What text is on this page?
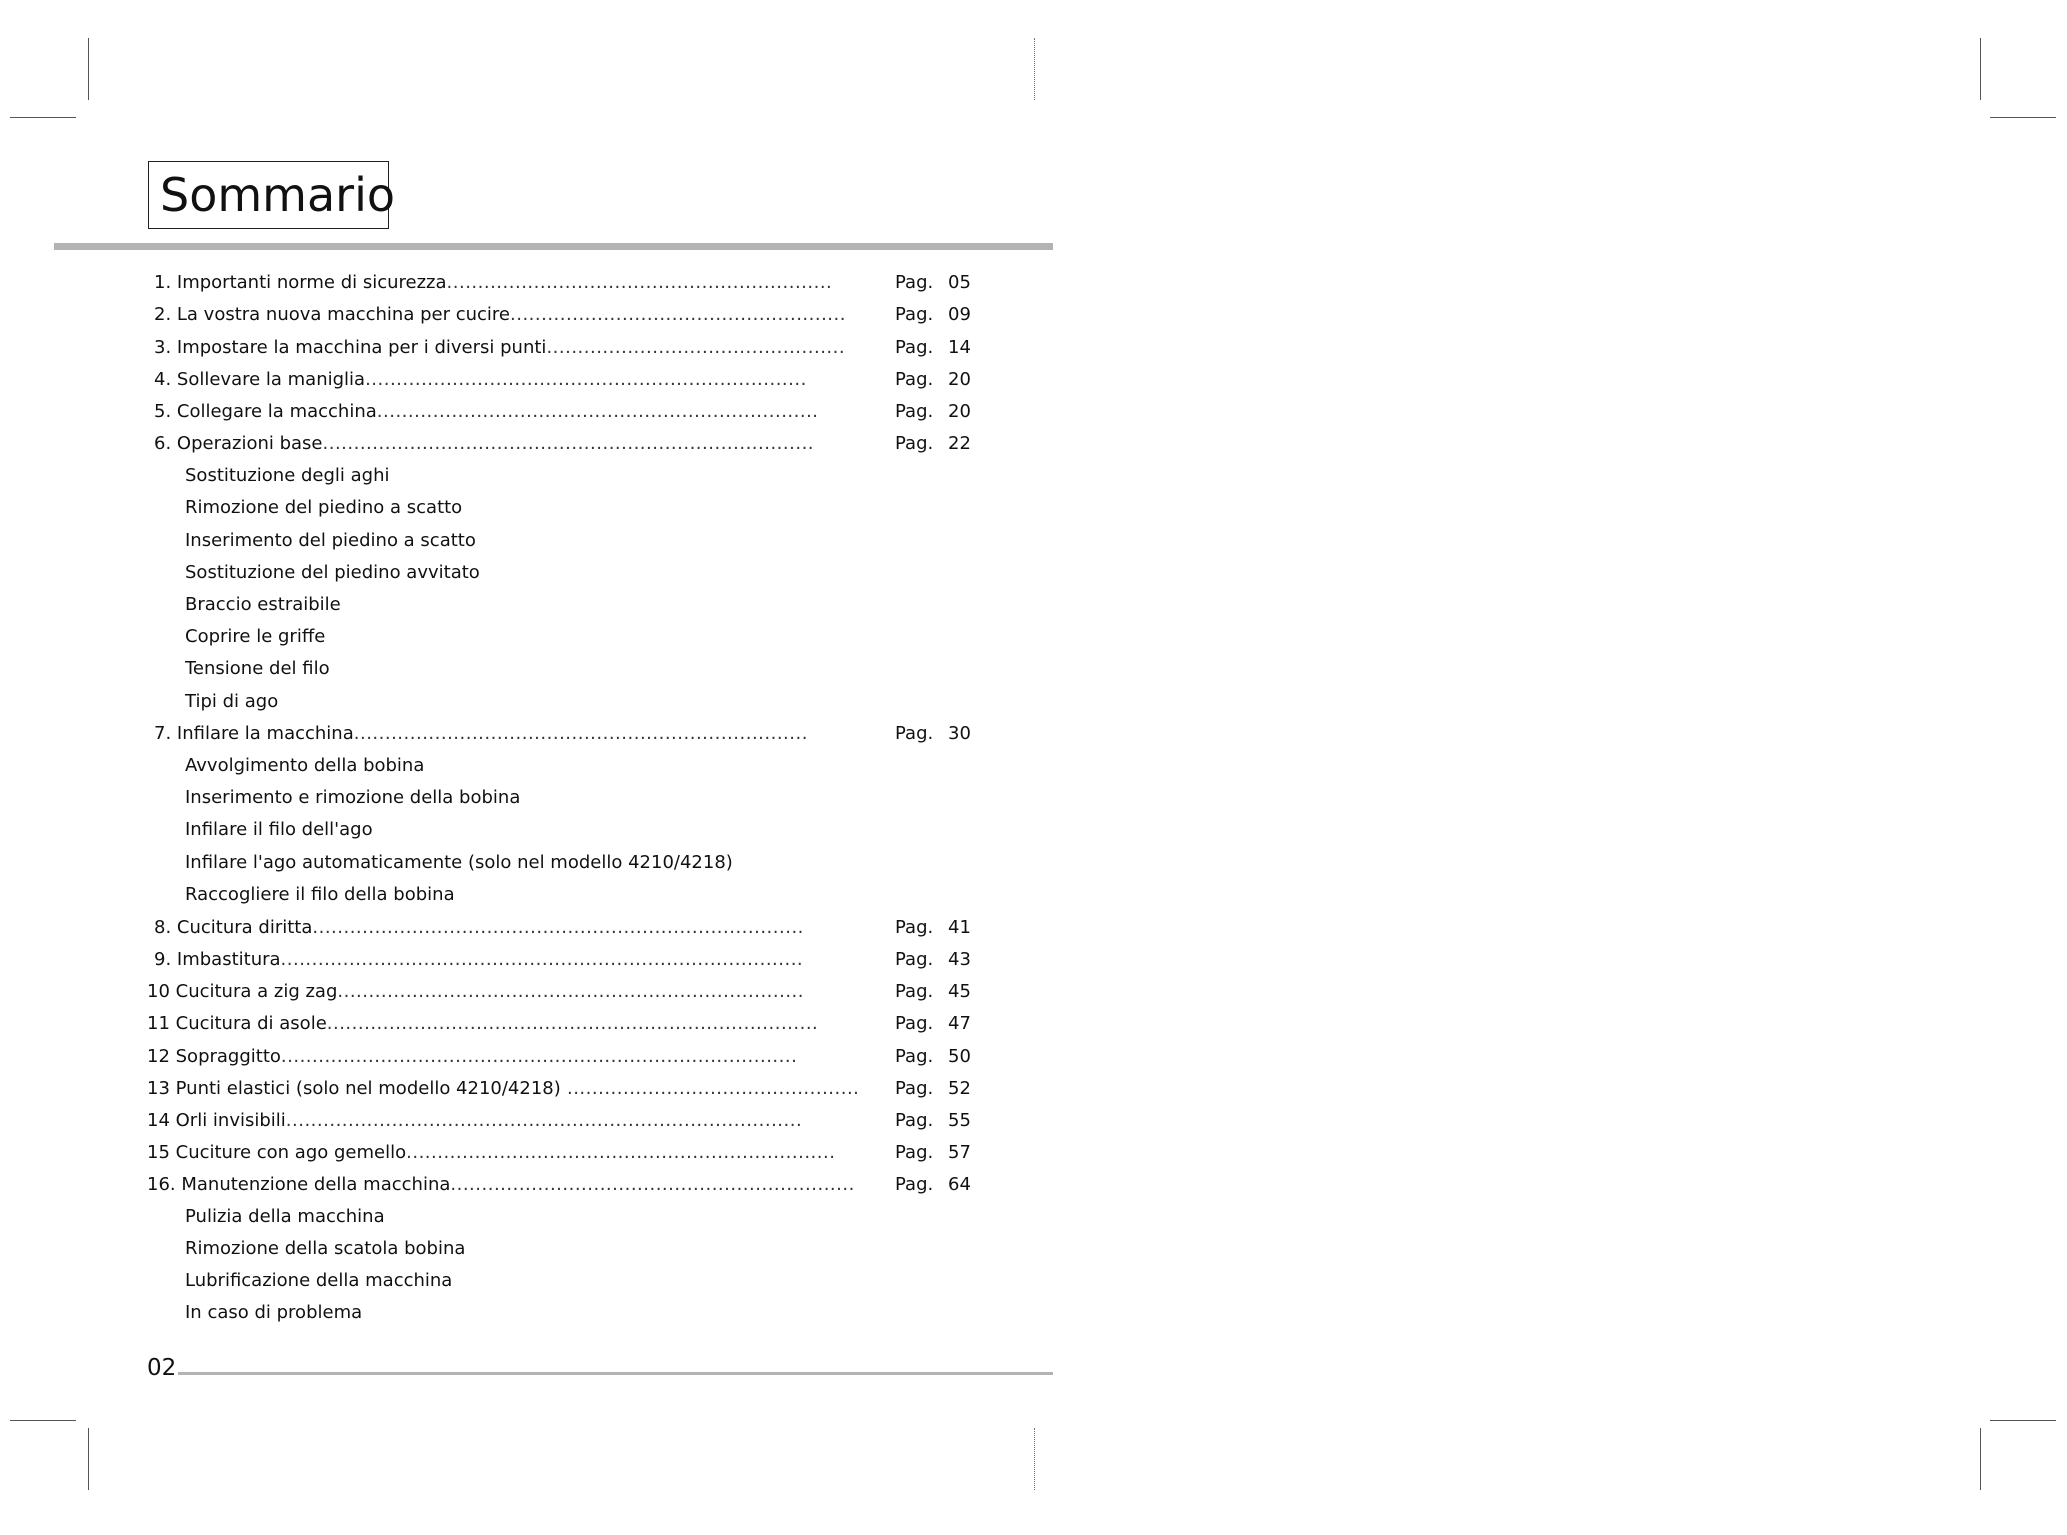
Sommario
1. Importanti norme di sicurezza..............................................................	Pag. 05
2. La vostra nuova macchina per cucire......................................................	Pag. 09
3. Impostare la macchina per i diversi punti................................................	Pag. 14
4. Sollevare la maniglia.......................................................................	Pag. 20
5. Collegare la macchina.......................................................................	Pag. 20
6. Operazioni base...............................................................................	Pag. 22
Sostituzione degli aghi
Rimozione del piedino a scatto
Inserimento del piedino a scatto
Sostituzione del piedino avvitato
Braccio estraibile
Coprire le griffe
Tensione del filo
Tipi di ago
7. Infilare la macchina.........................................................................	Pag. 30
Avvolgimento della bobina
Inserimento e rimozione della bobina
Infilare il filo dell'ago
Infilare l'ago automaticamente (solo nel modello 4210/4218)
Raccogliere il filo della bobina
8. Cucitura diritta...............................................................................	Pag. 41
9. Imbastitura....................................................................................	Pag. 43
10 Cucitura a zig zag...........................................................................	Pag. 45
11 Cucitura di asole...............................................................................	Pag. 47
12 Sopraggitto...................................................................................	Pag. 50
13 Punti elastici (solo nel modello 4210/4218) ............................................... Pag. 52
14 Orli invisibili...................................................................................	Pag. 55
15 Cuciture con ago gemello.....................................................................	Pag. 57
16. Manutenzione della macchina................................................................. Pag. 64
Pulizia della macchina
Rimozione della scatola bobina
Lubrificazione della macchina
In caso di problema
02
